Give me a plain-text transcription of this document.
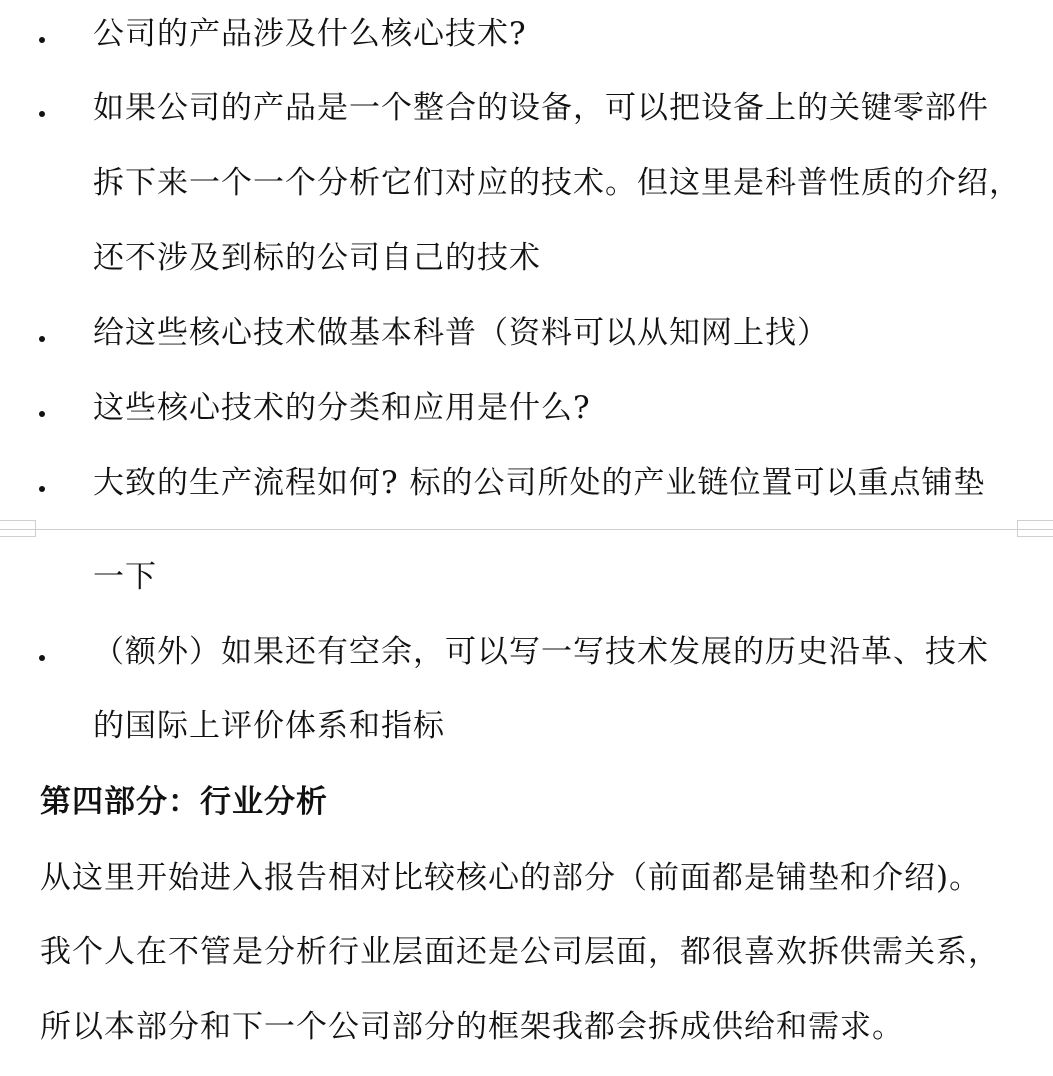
公司的产品涉及什么核心技术?
如果公司的产品是一个整合的设备，可以把设备上的关键零部件
拆下来一个一个分析它们对应的技术。但这里是科普性质的介绍，
还不涉及到标的公司自己的技术
给这些核心技术做基本科普（资料可以从知网上找）
这些核心技术的分类和应用是什么?
大致的生产流程如何? 标的公司所处的产业链位置可以重点铺垫
一下
（额外）如果还有空余，可以写一写技术发展的历史沿革、技术
的国际上评价体系和指标
第四部分：行业分析
从这里开始进入报告相对比较核心的部分（前面都是铺垫和介绍)。
我个人在不管是分析行业层面还是公司层面，都很喜欢拆供需关系，
所以本部分和下一个公司部分的框架我都会拆成供给和需求。
